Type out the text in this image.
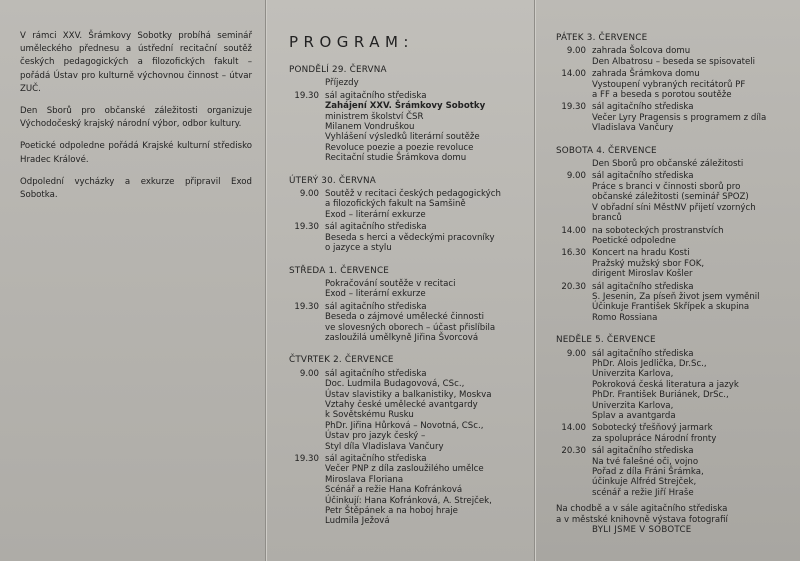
V rámci XXV. Šrámkovy Sobotky probíhá seminář uměleckého přednesu a ústřední recitační soutěž českých pedagogických a filozofických fakult – pořádá Ústav pro kulturně výchovnou činnost – útvar ZUČ.

Den Sborů pro občanské záležitosti organizuje Východočeský krajský národní výbor, odbor kultury.

Poetické odpoledne pořádá Krajské kulturní středisko Hradec Králové.

Odpolední vycházky a exkurze připravil Exod Sobotka.

PROGRAM:
PONDĚLÍ 29. ČERVNA
Příjezdy
19.30 sál agitačního střediska
Zahájení XXV. Šrámkovy Sobotky
ministrem školství ČSR
Milanem Vondruškou
Vyhlášení výsledků literární soutěže
Revoluce poezie a poezie revoluce
Recitační studie Šrámkova domu
ÚTERÝ 30. ČERVNA
9.00 Soutěž v recitaci českých pedagogických
a filozofických fakult na Samšině
Exod – literární exkurze
19.30 sál agitačního střediska
Beseda s herci a vědeckými pracovníky
o jazyce a stylu
STŘEDA 1. ČERVENCE
Pokračování soutěže v recitaci
Exod – literární exkurze
19.30 sál agitačního střediska
Beseda o zájmové umělecké činnosti
ve slovesných oborech – účast přislíbila
zasloužilá umělkyně Jiřina Švorcová
ČTVRTEK 2. ČERVENCE
9.00 sál agitačního střediska
Doc. Ludmila Budagovová, CSc.,
Ústav slavistiky a balkanistiky, Moskva
Vztahy české umělecké avantgardy
k Sovětskému Rusku
PhDr. Jiřina Hůrková – Novotná, CSc.,
Ústav pro jazyk český –
Styl díla Vladislava Vančury
19.30 sál agitačního střediska
Večer PNP z díla zasloužilého umělce
Miroslava Floriana
Scénář a režie Hana Kofránková
Účinkují: Hana Kofránková, A. Strejček,
Petr Štěpánek a na hoboj hraje
Ludmila Ježová
PÁTEK 3. ČERVENCE
9.00 zahrada Šolcova domu
Den Albatrosu – beseda se spisovateli
14.00 zahrada Šrámkova domu
Vystoupení vybraných recitátorů PF
a FF a beseda s porotou soutěže
19.30 sál agitačního střediska
Večer Lyry Pragensis s programem z díla
Vladislava Vančury
SOBOTA 4. ČERVENCE
Den Sborů pro občanské záležitosti
9.00 sál agitačního střediska
Práce s branci v činnosti sborů pro
občanské záležitosti (seminář SPOZ)
V obřadní síni MěstNV přijetí vzorných
branců
14.00 na soboteckých prostranstvích
Poetické odpoledne
16.30 Koncert na hradu Kosti
Pražský mužský sbor FOK,
dirigent Miroslav Košler
20.30 sál agitačního střediska
S. Jesenin, Za píseň život jsem vyměnil
Účinkuje František Skřípek a skupina
Romo Rossiana
NEDĚLE 5. ČERVENCE
9.00 sál agitačního střediska
PhDr. Alois Jedlička, Dr.Sc.,
Univerzita Karlova,
Pokroková česká literatura a jazyk
PhDr. František Buriánek, DrSc.,
Univerzita Karlova,
Splav a avantgarda
14.00 Sobotecký třešňový jarmark
za spolupráce Národní fronty
20.30 sál agitačního střediska
Na tvé falešné oči, vojno
Pořad z díla Fráni Šrámka,
účinkuje Alfréd Strejček,
scénář a režie Jiří Hraše
Na chodbě a v sále agitačního střediska
a v městské knihovně výstava fotografií
BYLI JSME V SOBOTCE
